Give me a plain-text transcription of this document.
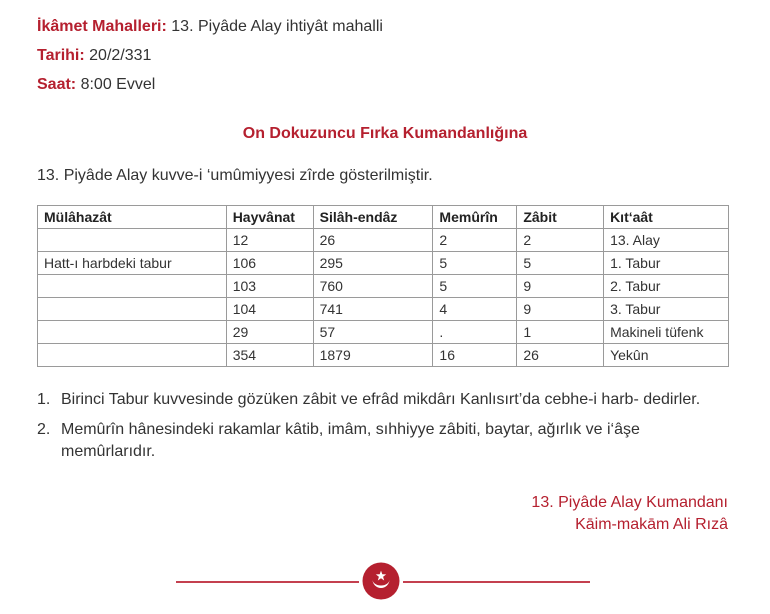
İkâmet Mahalleri: 13. Piyâde Alay ihtiyât mahalli
Tarihi: 20/2/331
Saat: 8:00 Evvel
On Dokuzuncu Fırka Kumandanlığına
13. Piyâde Alay kuvve-i ‘umûmiyyesi zîrde gösterilmiştir.
Mülâhazât	Hayvânat	Silâh-endâz	Memûrîn	Zâbit	Kıt‘aât
	12	26	2	2	13. Alay
Hatt-ı harbdeki tabur	106	295	5	5	1. Tabur
	103	760	5	9	2. Tabur
	104	741	4	9	3. Tabur
	29	57	.	1	Makineli tüfenk
	354	1879	16	26	Yekûn
1. Birinci Tabur kuvvesinde gözüken zâbit ve efrâd mikdârı Kanlısırt’da cebhe-i harb- dedirler.
2. Memûrîn hânesindeki rakamlar kâtib, imâm, sıhhiyye zâbiti, baytar, ağırlık ve i‘âşe memûrlarıdır.
13. Piyâde Alay Kumandanı
Kāim-makām Ali Rızâ
